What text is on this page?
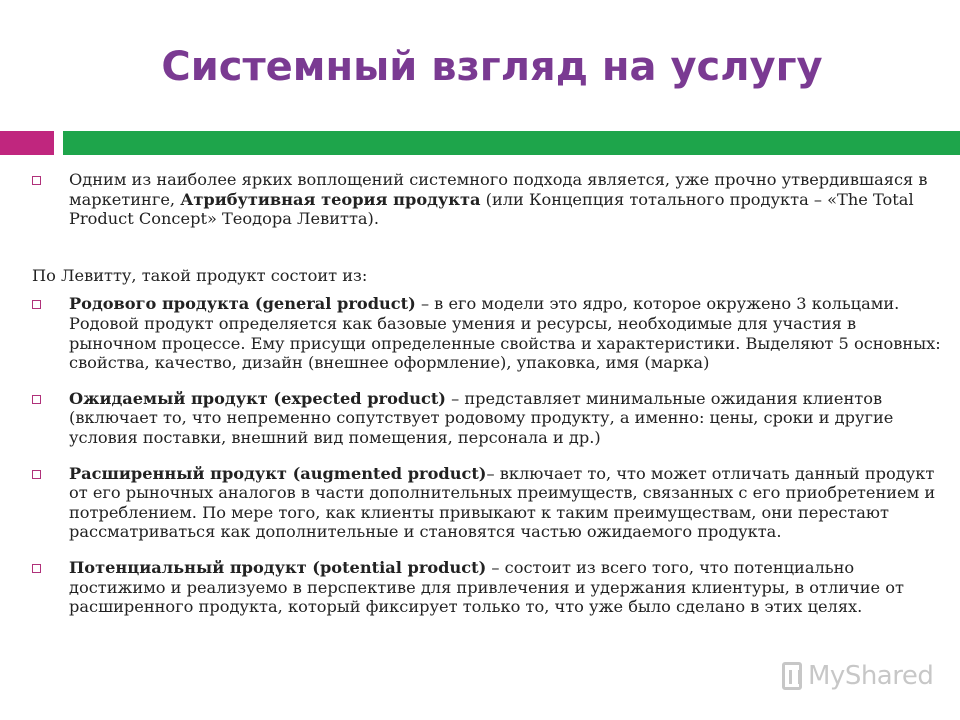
Системный взгляд на услугу
Одним из наиболее ярких воплощений системного подхода является, уже прочно утвердившаяся в маркетинге, Атрибутивная теория продукта (или Концепция тотального продукта – «The Total Product Concept» Теодора Левитта).
По Левитту, такой продукт состоит из:
Родового продукта (general product) – в его модели это ядро, которое окружено 3 кольцами. Родовой продукт определяется как базовые умения и ресурсы, необходимые для участия в рыночном процессе. Ему присущи определенные свойства и характеристики. Выделяют 5 основных: свойства, качество, дизайн (внешнее оформление), упаковка, имя (марка)
Ожидаемый продукт (expected product) – представляет минимальные ожидания клиентов (включает то, что непременно сопутствует родовому продукту, а именно: цены, сроки и другие условия поставки, внешний вид помещения, персонала и др.)
Расширенный продукт (augmented product)– включает то, что может отличать данный продукт от его рыночных аналогов в части дополнительных преимуществ, связанных с его приобретением и потреблением. По мере того, как клиенты привыкают к таким преимуществам, они перестают рассматриваться как дополнительные и становятся частью ожидаемого продукта.
Потенциальный продукт (potential product) – состоит из всего того, что потенциально достижимо и реализуемо в перспективе для привлечения и удержания клиентуры, в отличие от расширенного продукта, который фиксирует только то, что уже было сделано в этих целях.
MyShared
